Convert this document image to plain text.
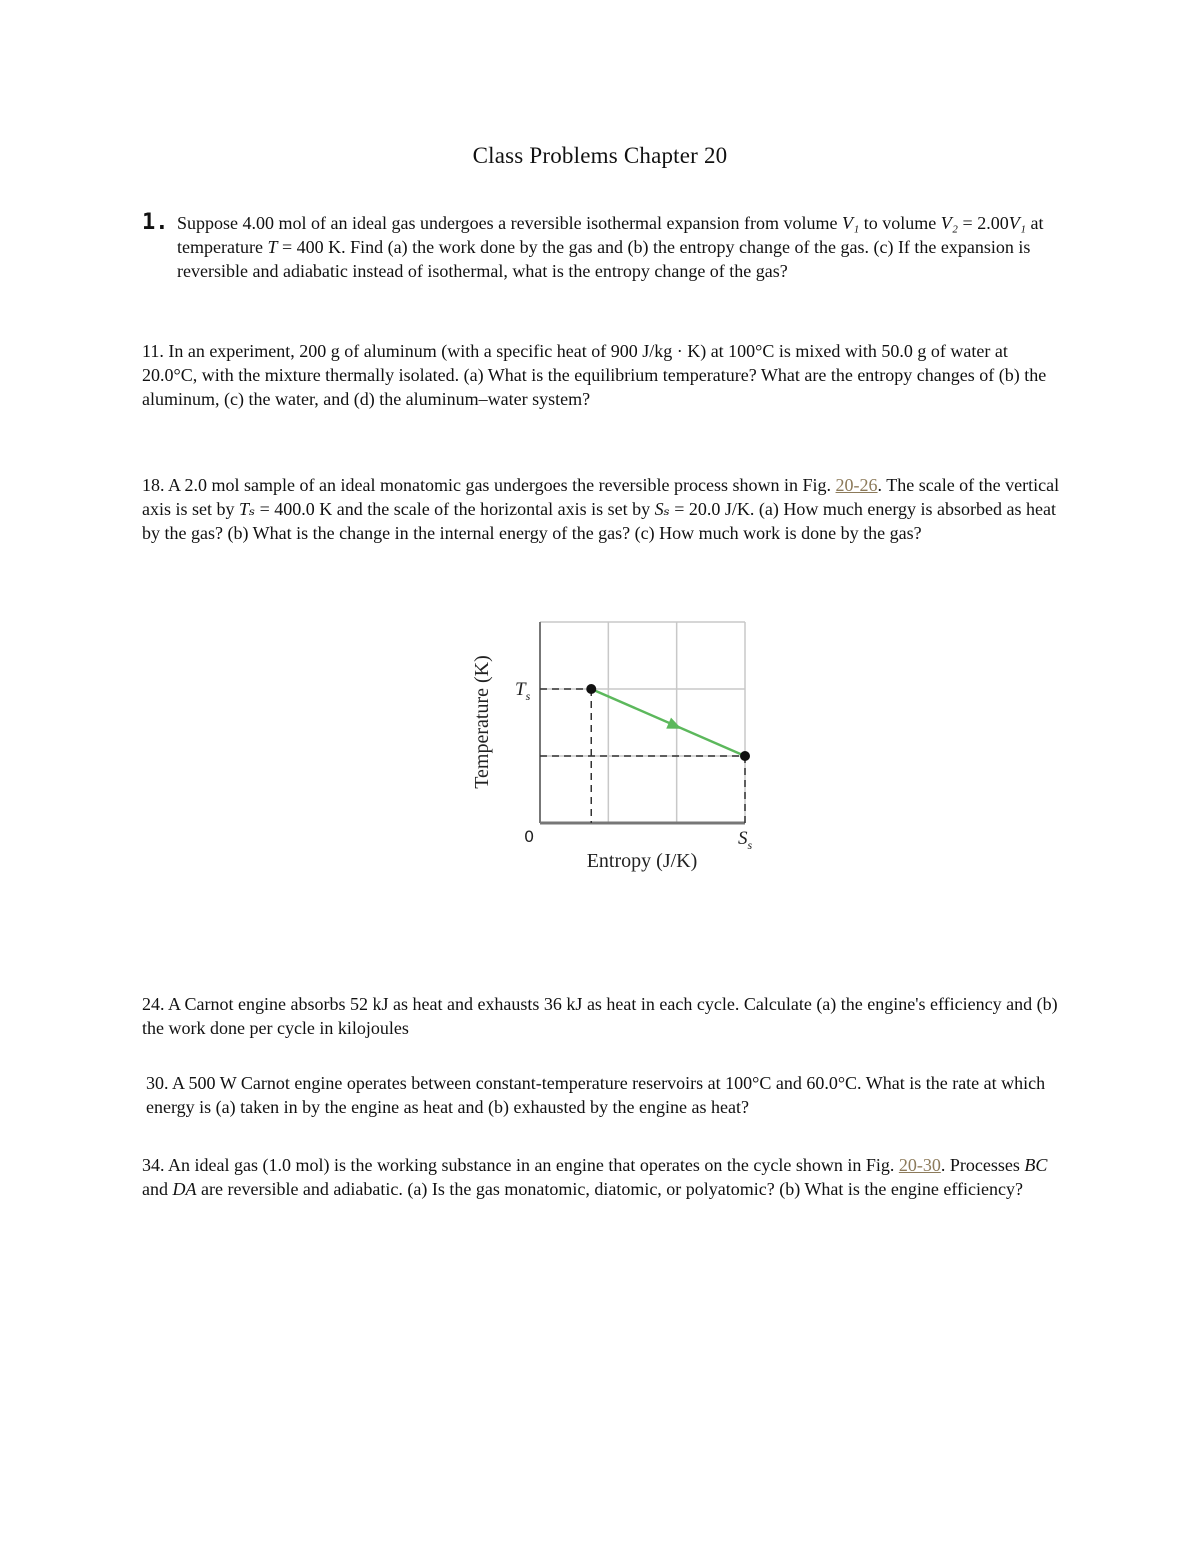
Class Problems Chapter 20
1. Suppose 4.00 mol of an ideal gas undergoes a reversible isothermal expansion from volume V₁ to volume V₂ = 2.00V₁ at temperature T = 400 K. Find (a) the work done by the gas and (b) the entropy change of the gas. (c) If the expansion is reversible and adiabatic instead of isothermal, what is the entropy change of the gas?
11. In an experiment, 200 g of aluminum (with a specific heat of 900 J/kg · K) at 100°C is mixed with 50.0 g of water at 20.0°C, with the mixture thermally isolated. (a) What is the equilibrium temperature? What are the entropy changes of (b) the aluminum, (c) the water, and (d) the aluminum–water system?
18. A 2.0 mol sample of an ideal monatomic gas undergoes the reversible process shown in Fig. 20-26. The scale of the vertical axis is set by Tₛ = 400.0 K and the scale of the horizontal axis is set by Sₛ = 20.0 J/K. (a) How much energy is absorbed as heat by the gas? (b) What is the change in the internal energy of the gas? (c) How much work is done by the gas?
$T_s$
0	$S_s$
Entropy (J/K)
Temperature (K)
24. A Carnot engine absorbs 52 kJ as heat and exhausts 36 kJ as heat in each cycle. Calculate (a) the engine's efficiency and (b) the work done per cycle in kilojoules
30. A 500 W Carnot engine operates between constant-temperature reservoirs at 100°C and 60.0°C. What is the rate at which energy is (a) taken in by the engine as heat and (b) exhausted by the engine as heat?
34. An ideal gas (1.0 mol) is the working substance in an engine that operates on the cycle shown in Fig. 20-30. Processes BC and DA are reversible and adiabatic. (a) Is the gas monatomic, diatomic, or polyatomic? (b) What is the engine efficiency?
